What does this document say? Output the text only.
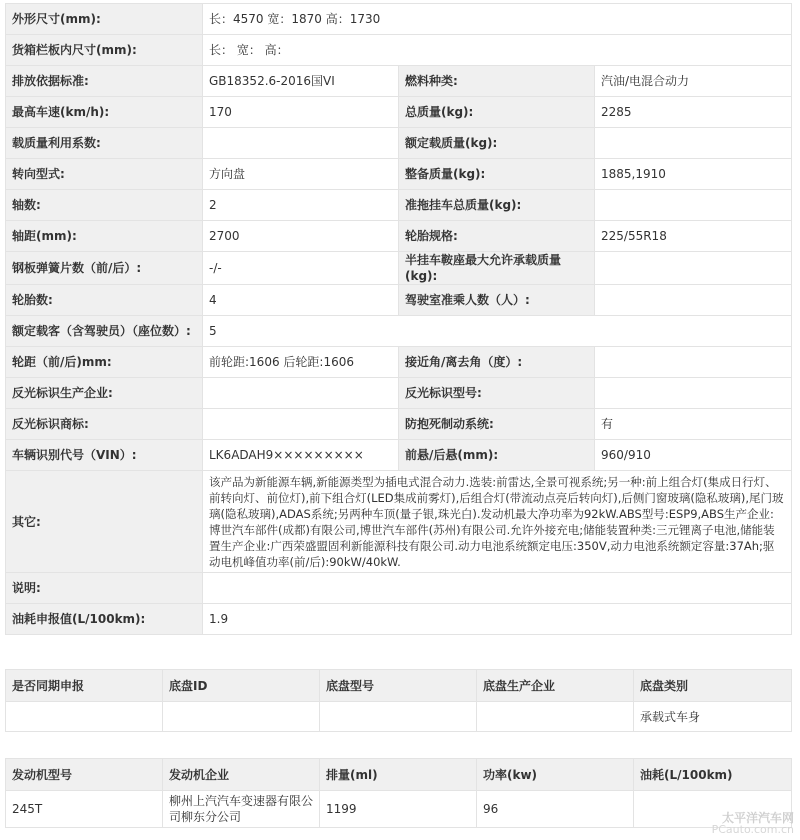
外形尺寸(mm):	长：4570 宽：1870 高：1730		
货箱栏板内尺寸(mm):	长： 宽： 高：		
排放依据标准:	GB18352.6-2016国VI	燃料种类:	汽油/电混合动力
最高车速(km/h):	170	总质量(kg):	2285
载质量利用系数:		额定载质量(kg):	
转向型式:	方向盘	整备质量(kg):	1885,1910
轴数:	2	准拖挂车总质量(kg):	
轴距(mm):	2700	轮胎规格:	225/55R18
钢板弹簧片数（前/后）:	-/-	半挂车鞍座最大允许承载质量(kg):	
轮胎数:	4	驾驶室准乘人数（人）:	
额定载客（含驾驶员）（座位数）:	5		
轮距（前/后)mm:	前轮距:1606 后轮距:1606	接近角/离去角（度）:	
反光标识生产企业:		反光标识型号:	
反光标识商标:		防抱死制动系统:	有
车辆识别代号（VIN）:	LK6ADAH9×××××××××	前悬/后悬(mm):	960/910
其它:	该产品为新能源车辆,新能源类型为插电式混合动力.选装:前雷达,全景可视系统;另一种:前上组合灯(集成日行灯、前转向灯、前位灯),前下组合灯(LED集成前雾灯),后组合灯(带流动点亮后转向灯),后侧门窗玻璃(隐私玻璃),尾门玻璃(隐私玻璃),ADAS系统;另两种车顶(量子银,珠光白).发动机最大净功率为92kW.ABS型号:ESP9,ABS生产企业:博世汽车部件(成都)有限公司,博世汽车部件(苏州)有限公司.允许外接充电;储能装置种类:三元锂离子电池,储能装置生产企业:广西荣盛盟固利新能源科技有限公司.动力电池系统额定电压:350V,动力电池系统额定容量:37Ah;驱动电机峰值功率(前/后):90kW/40kW.		

说明:			
油耗申报值(L/100km):	1.9		
是否同期申报	底盘ID	底盘型号	底盘生产企业	底盘类别
				承载式车身
发动机型号	发动机企业	排量(ml)	功率(kw)	油耗(L/100km)
245T	柳州上汽汽车变速器有限公司柳东分公司	1199	96	
太平洋汽车网
PCauto.com.cn
